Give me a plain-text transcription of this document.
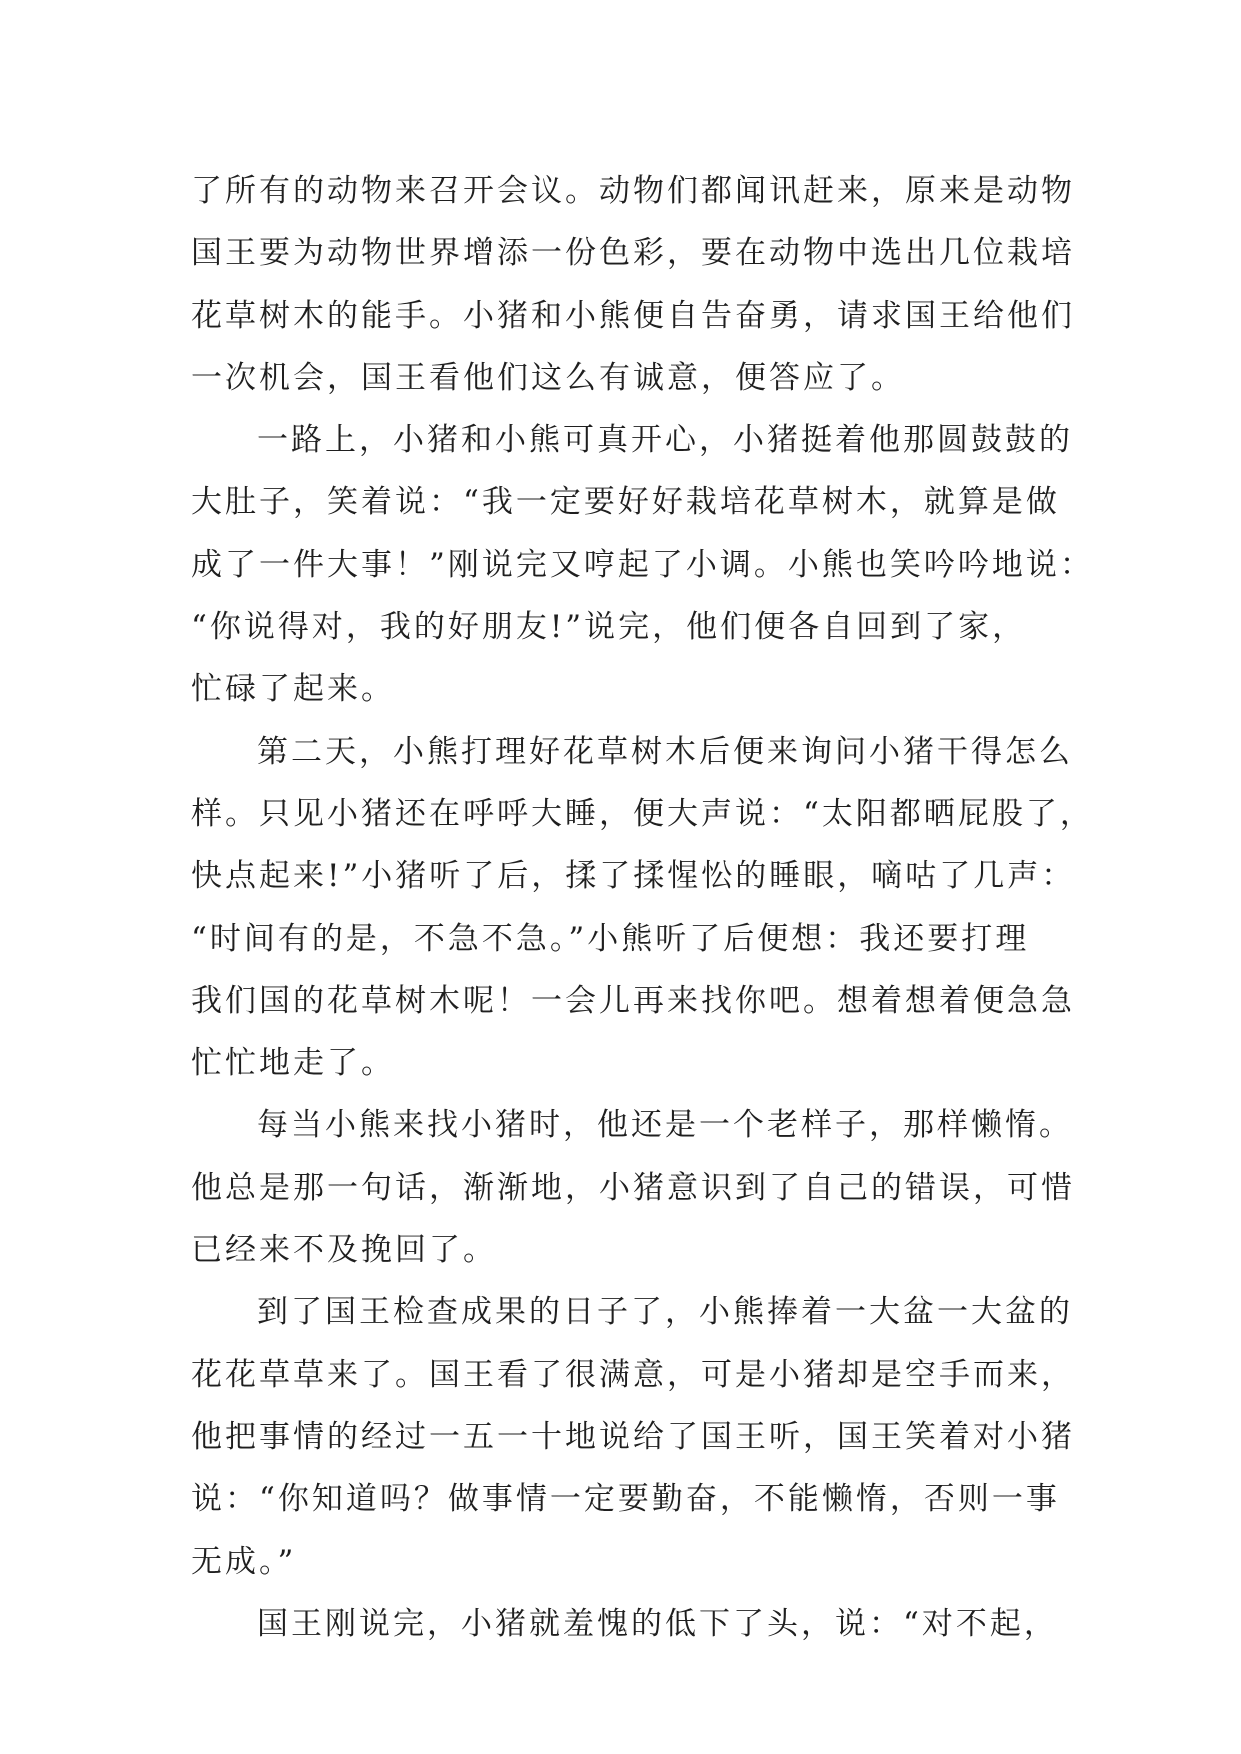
了所有的动物来召开会议。动物们都闻讯赶来，原来是动物
国王要为动物世界增添一份色彩，要在动物中选出几位栽培
花草树木的能手。小猪和小熊便自告奋勇，请求国王给他们
一次机会，国王看他们这么有诚意，便答应了。
一路上，小猪和小熊可真开心，小猪挺着他那圆鼓鼓的
大肚子，笑着说：“我一定要好好栽培花草树木，就算是做
成了一件大事！”刚说完又哼起了小调。小熊也笑吟吟地说：
“你说得对，我的好朋友!”说完，他们便各自回到了家，
忙碌了起来。
第二天，小熊打理好花草树木后便来询问小猪干得怎么
样。只见小猪还在呼呼大睡，便大声说：“太阳都晒屁股了，
快点起来!”小猪听了后，揉了揉惺忪的睡眼，嘀咕了几声：
“时间有的是，不急不急。”小熊听了后便想：我还要打理
我们国的花草树木呢！一会儿再来找你吧。想着想着便急急
忙忙地走了。
每当小熊来找小猪时，他还是一个老样子，那样懒惰。
他总是那一句话，渐渐地，小猪意识到了自己的错误，可惜
已经来不及挽回了。
到了国王检查成果的日子了，小熊捧着一大盆一大盆的
花花草草来了。国王看了很满意，可是小猪却是空手而来，
他把事情的经过一五一十地说给了国王听，国王笑着对小猪
说：“你知道吗？做事情一定要勤奋，不能懒惰，否则一事
无成。”
国王刚说完，小猪就羞愧的低下了头，说：“对不起，
